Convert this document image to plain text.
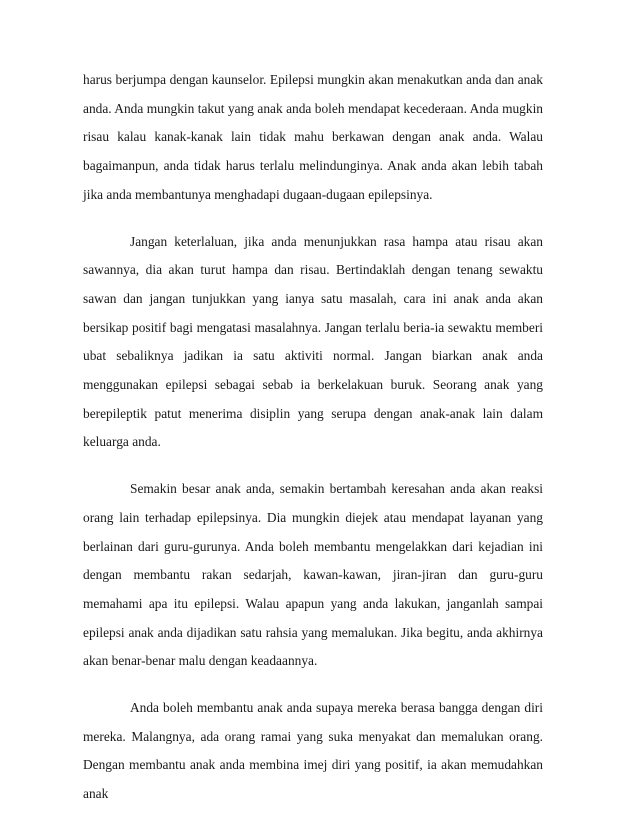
harus berjumpa dengan kaunselor. Epilepsi mungkin akan menakutkan anda dan anak anda. Anda mungkin takut yang anak anda boleh mendapat kecederaan. Anda mugkin risau kalau kanak-kanak lain tidak mahu berkawan dengan anak anda. Walau bagaimanpun, anda tidak harus terlalu melindunginya. Anak anda akan lebih tabah jika anda membantunya menghadapi dugaan-dugaan epilepsinya.

Jangan keterlaluan, jika anda menunjukkan rasa hampa atau risau akan sawannya, dia akan turut hampa dan risau. Bertindaklah dengan tenang sewaktu sawan dan jangan tunjukkan yang ianya satu masalah, cara ini anak anda akan bersikap positif bagi mengatasi masalahnya. Jangan terlalu beria-ia sewaktu memberi ubat sebaliknya jadikan ia satu aktiviti normal. Jangan biarkan anak anda menggunakan epilepsi sebagai sebab ia berkelakuan buruk. Seorang anak yang berepileptik patut menerima disiplin yang serupa dengan anak-anak lain dalam keluarga anda.

Semakin besar anak anda, semakin bertambah keresahan anda akan reaksi orang lain terhadap epilepsinya. Dia mungkin diejek atau mendapat layanan yang berlainan dari guru-gurunya. Anda boleh membantu mengelakkan dari kejadian ini dengan membantu rakan sedarjah, kawan-kawan, jiran-jiran dan guru-guru memahami apa itu epilepsi. Walau apapun yang anda lakukan, janganlah sampai epilepsi anak anda dijadikan satu rahsia yang memalukan. Jika begitu, anda akhirnya akan benar-benar malu dengan keadaannya.

Anda boleh membantu anak anda supaya mereka berasa bangga dengan diri mereka. Malangnya, ada orang ramai yang suka menyakat dan memalukan orang. Dengan membantu anak anda membina imej diri yang positif, ia akan memudahkan anak
